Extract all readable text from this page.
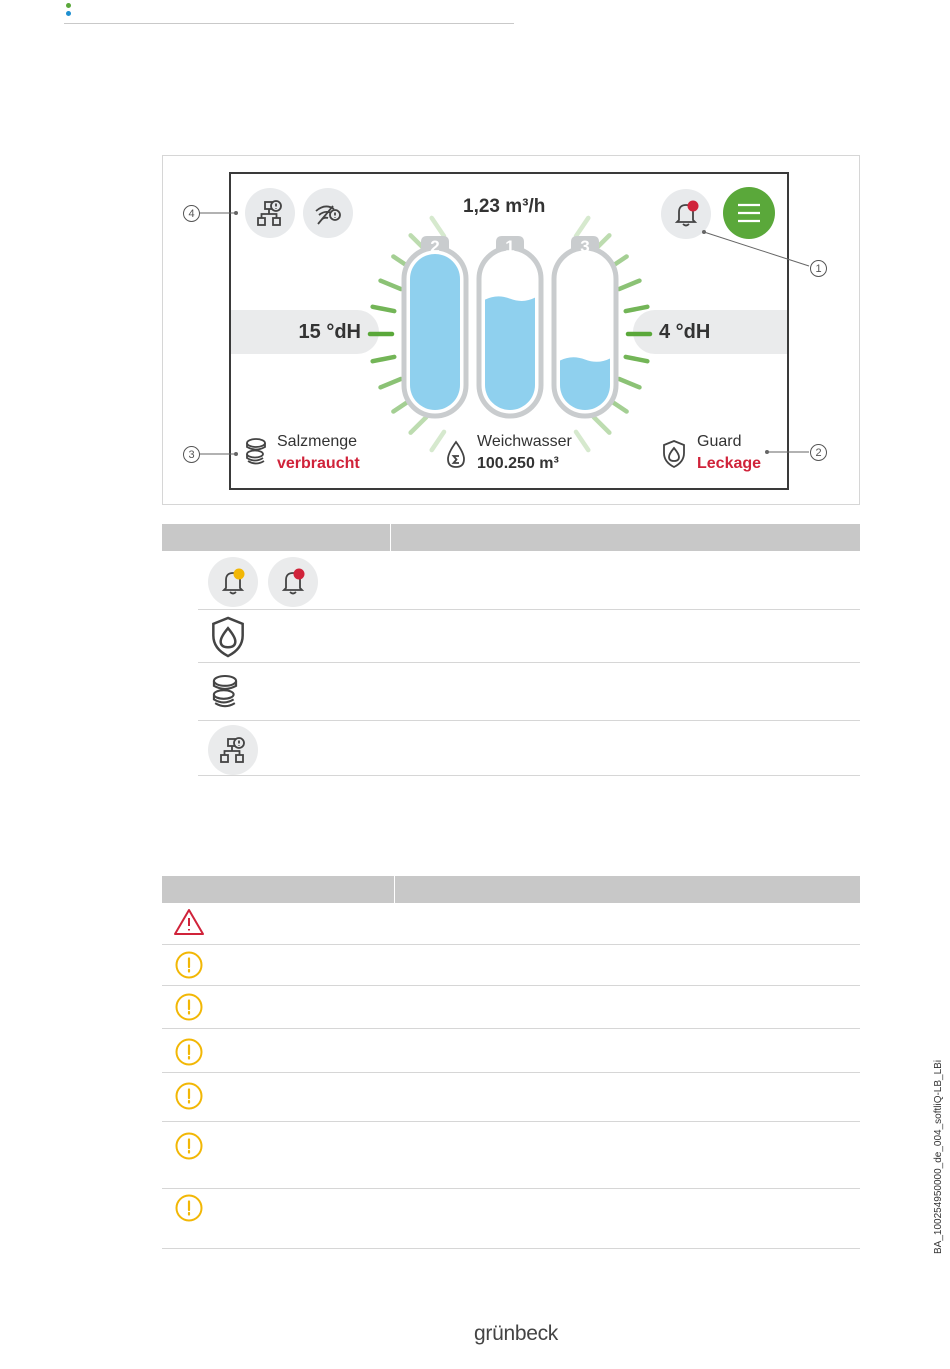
1,23 m³/h
15 °dH	4 °dH
2	1	3
Salzmenge
verbraucht
Weichwasser
100.250 m³
Guard
Leckage
4
1
3	2
BA_100254950000_de_004_softliQ-LB_LBi
grünbeck
